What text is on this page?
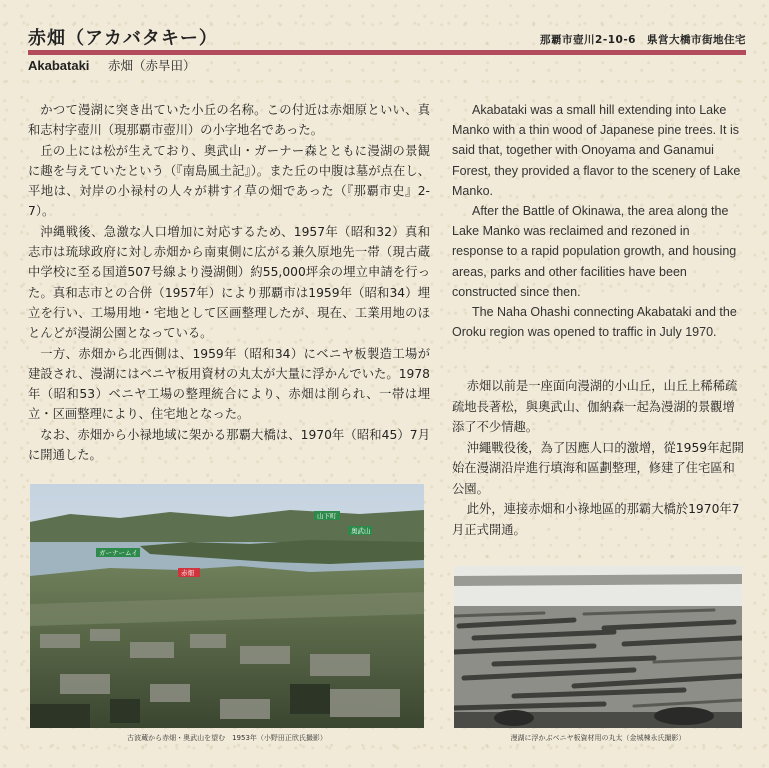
赤畑（アカバタキー）	那覇市壺川2-10-6　県営大橋市街地住宅
Akabataki 赤畑（赤旱田）

かつて漫湖に突き出ていた小丘の名称。この付近は赤畑原といい、真和志村字壺川（現那覇市壺川）の小字地名であった。

丘の上には松が生えており、奥武山・ガーナー森とともに漫湖の景観に趣を与えていたという（『南島風土記』）。また丘の中腹は墓が点在し、平地は、対岸の小禄村の人々が耕すイ草の畑であった（『那覇市史』2-7）。

沖縄戦後、急激な人口増加に対応するため、1957年（昭和32）真和志市は琉球政府に対し赤畑から南東側に広がる兼久原地先一帯（現古蔵中学校に至る国道507号線より漫湖側）約55,000坪余の埋立申請を行った。真和志市との合併（1957年）により那覇市は1959年（昭和34）埋立を行い、工場用地・宅地として区画整理したが、現在、工業用地のほとんどが漫湖公園となっている。

一方、赤畑から北西側は、1959年（昭和34）にベニヤ板製造工場が建設され、漫湖にはベニヤ板用資材の丸太が大量に浮かんでいた。1978年（昭和53）ベニヤ工場の整理統合により、赤畑は削られ、一帯は埋立・区画整理により、住宅地となった。

なお、赤畑から小禄地域に架かる那覇大橋は、1970年（昭和45）7月に開通した。

Akabataki was a small hill extending into Lake Manko with a thin wood of Japanese pine trees. It is said that, together with Onoyama and Ganamui Forest, they provided a flavor to the scenery of Lake Manko.

After the Battle of Okinawa, the area along the Lake Manko was reclaimed and rezoned in response to a rapid population growth, and housing areas, parks and other facilities have been constructed since then.

The Naha Ohashi connecting Akabataki and the Oroku region was opened to traffic in July 1970.

赤畑以前是一座面向漫湖的小山丘，山丘上稀稀疏疏地長著松，與奧武山、伽納森一起為漫湖的景觀增添了不少情趣。

沖繩戰役後，為了因應人口的激增，從1959年起開始在漫湖沿岸進行填海和區劃整理，修建了住宅區和公園。

此外，連接赤畑和小祿地區的那霸大橋於1970年7月正式開通。

山下町
奥武山
ガーナームイ
赤畑
古波蔵から赤畑・奥武山を望む　1953年（小野田正欣氏撮影）	漫湖に浮かぶベニヤ板資材用の丸太（金城棟永氏撮影）
